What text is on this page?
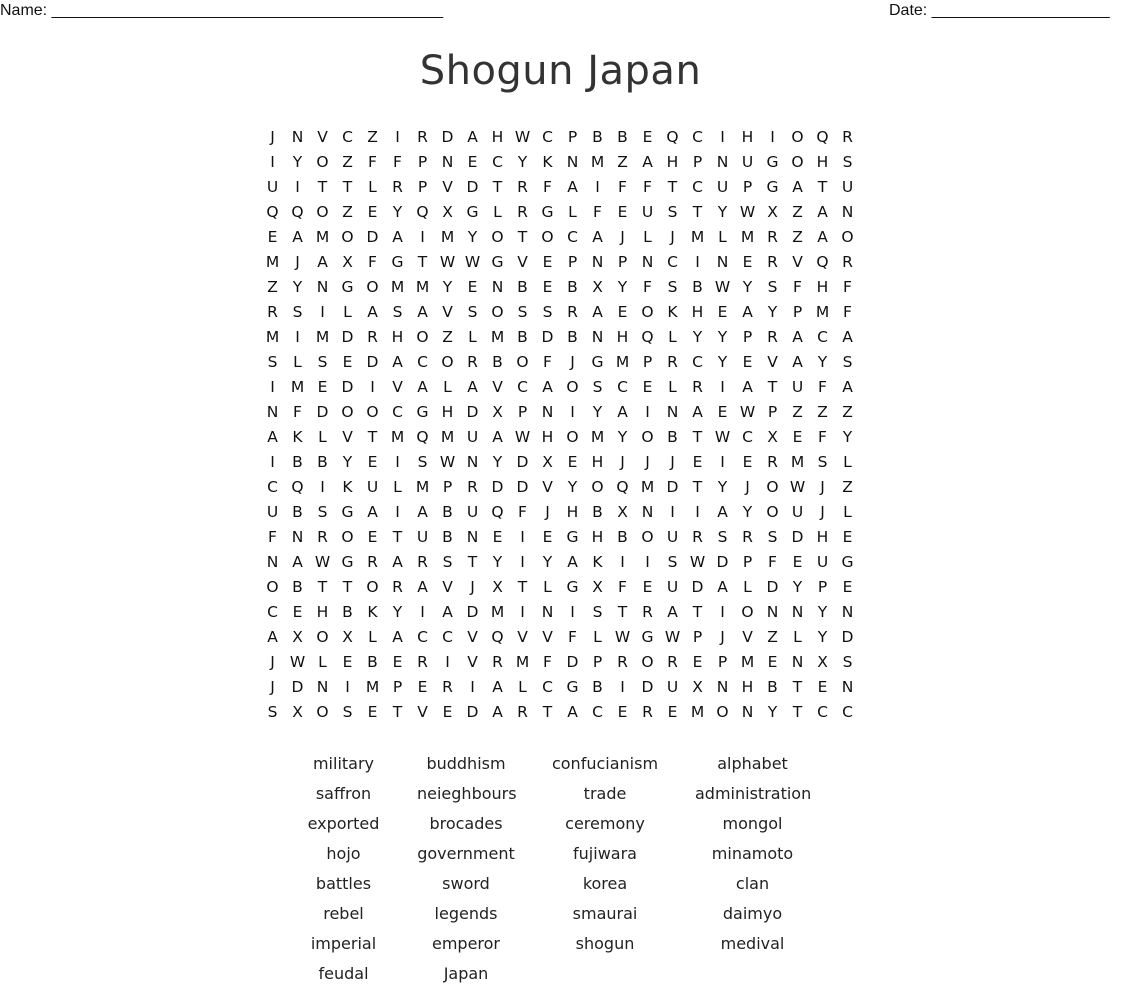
Name: ____________________________________________	Date: ____________________
Shogun Japan
J	N V C Z	I	R D A H W C P B B E Q C	I	H	I	O Q R
I	Y O Z F	F	P N E C Y K N M Z A H P N U G O H S
U	I	T	T	L R P V D T R F A	I	F	F	T C U P G A T U
Q Q O Z E Y Q X G L R G L	F	E U S T	Y W X Z A N
E A M O D A	I	M Y O T O C A	J	L	J	M L M R Z A O
M	J	A X F G T W W G V E P N P N C	I	N E R V Q R
Z Y N G O M M Y E N B E B X Y	F	S B W Y S	F H F
R S	I	L A S A V S O S S R A E O K H E A Y	P M F
M	I	M D R H O Z L M B D B N H Q L	Y	Y	P R A C A
S	L	S E D A C O R B O F	J	G M P R C Y E V A Y S
I	M E D	I	V A L A V C A O S C E	L R	I	A T U F A
N F D O O C G H D X P N	I	Y A	I	N A E W P Z Z Z
A K	L V T M Q M U A W H O M Y O B T W C X E	F	Y
I	B B Y E	I	S W N Y D X E H	J	J	J	E	I	E R M S	L
C Q	I	K U L M P R D D V Y O Q M D T	Y	J	O W J	Z
U B S G A	I	A B U Q F	J	H B X N	I	I	A Y O U	J	L
F N R O E T U B N E	I	E G H B O U R S R S D H E
N A W G R A R S T	Y	I	Y A K	I	I	S W D P	F	E U G
O B T	T O R A V	J	X T	L G X F	E U D A L D Y	P E
C E H B K Y	I	A D M	I	N	I	S T R A T	I	O N N Y N
A X O X L A C C V Q V V F	L W G W P	J	V Z L	Y D
J W L	E B E R	I	V R M F D P R O R E P M E N X S
J	D N	I	M P E R	I	A L C G B	I	D U X N H B T E N
S X O S E T V E D A R T A C E R E M O N Y	T C C
military	buddhism	confucianism	alphabet
saffron	neieghbours	trade	administration
exported	brocades	ceremony	mongol
hojo	government	fujiwara	minamoto
battles	sword	korea	clan
rebel	legends	smaurai	daimyo
imperial	emperor	shogun	medival
feudal	Japan
